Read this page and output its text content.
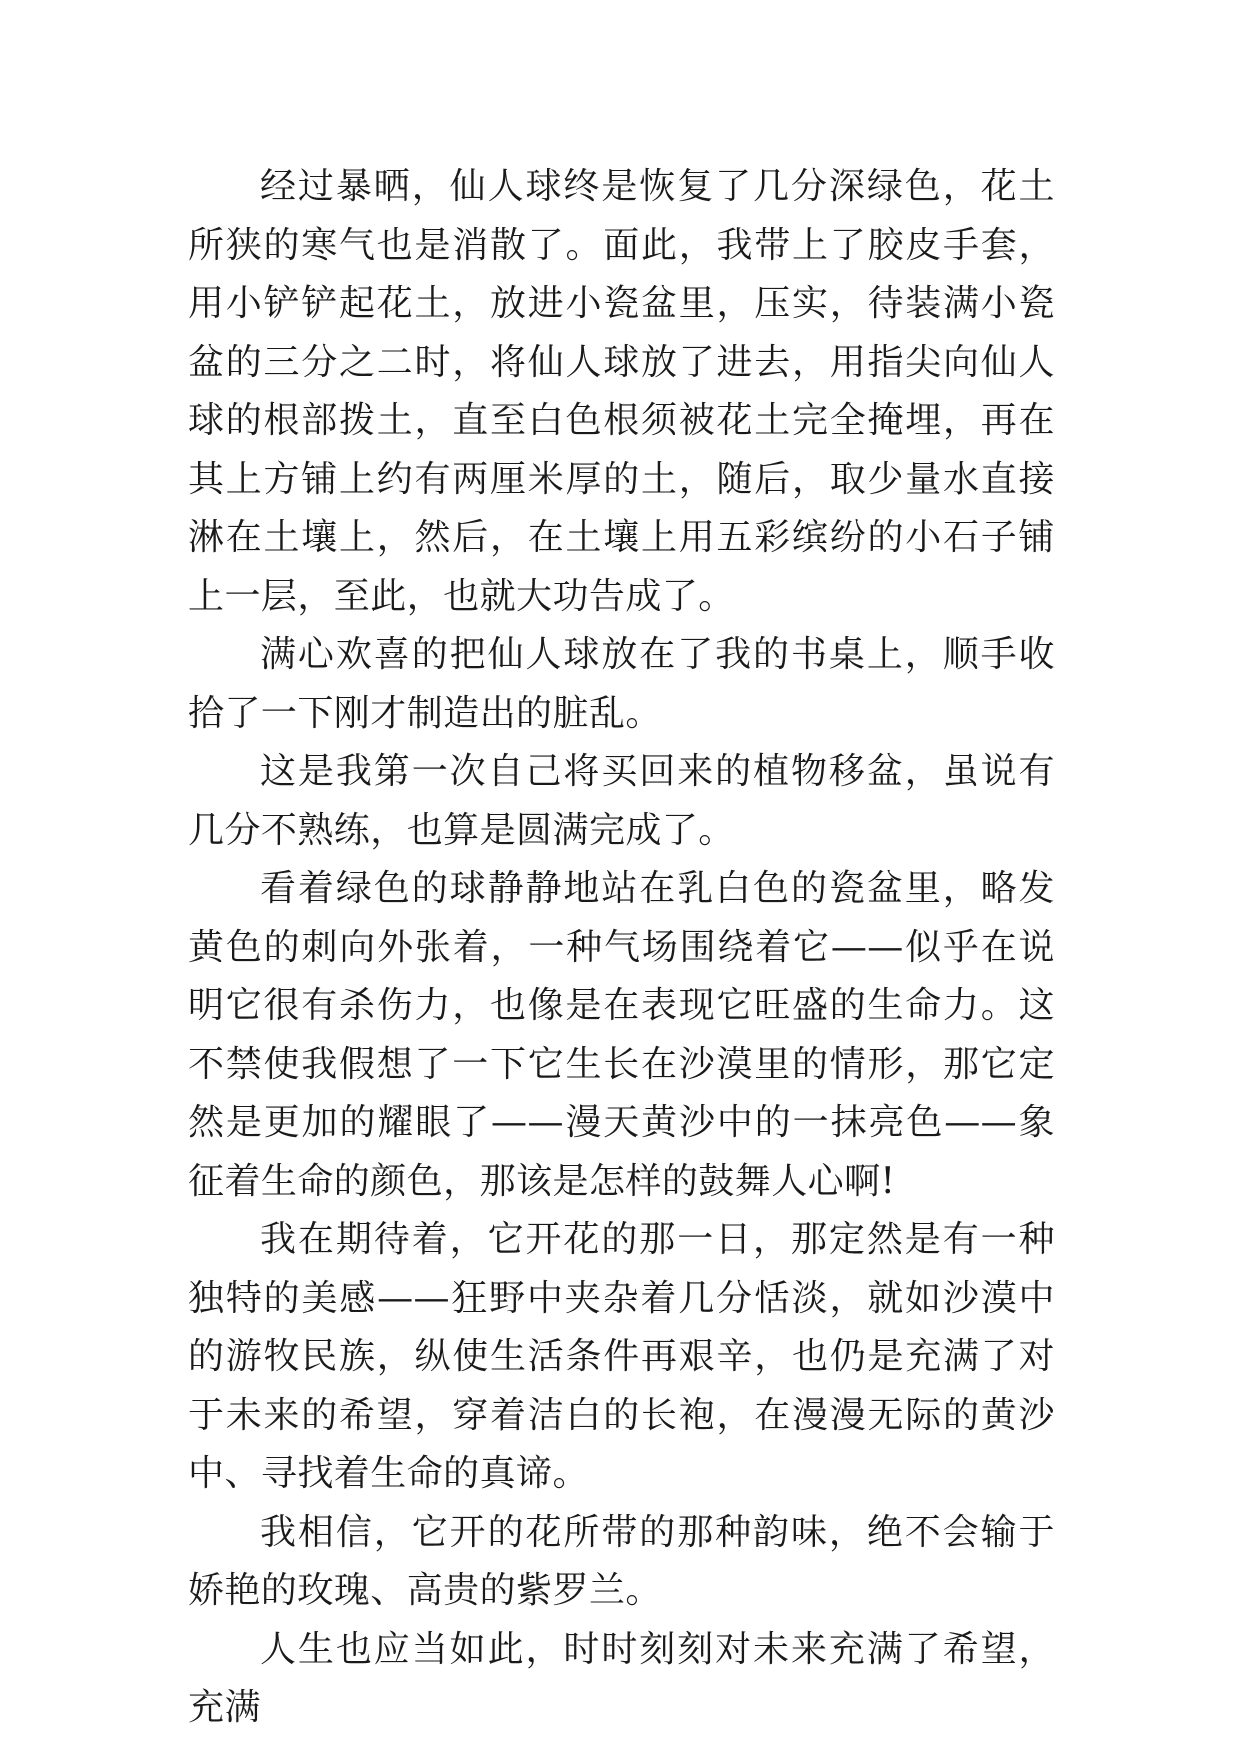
经过暴晒，仙人球终是恢复了几分深绿色，花土所狭的寒气也是消散了。面此，我带上了胶皮手套，用小铲铲起花土，放进小瓷盆里，压实，待装满小瓷盆的三分之二时，将仙人球放了进去，用指尖向仙人球的根部拨土，直至白色根须被花土完全掩埋，再在其上方铺上约有两厘米厚的土，随后，取少量水直接淋在土壤上，然后，在土壤上用五彩缤纷的小石子铺上一层，至此，也就大功告成了。

满心欢喜的把仙人球放在了我的书桌上，顺手收拾了一下刚才制造出的脏乱。

这是我第一次自己将买回来的植物移盆，虽说有几分不熟练，也算是圆满完成了。

看着绿色的球静静地站在乳白色的瓷盆里，略发黄色的刺向外张着，一种气场围绕着它——似乎在说明它很有杀伤力，也像是在表现它旺盛的生命力。这不禁使我假想了一下它生长在沙漠里的情形，那它定然是更加的耀眼了——漫天黄沙中的一抹亮色——象征着生命的颜色，那该是怎样的鼓舞人心啊!

我在期待着，它开花的那一日，那定然是有一种独特的美感——狂野中夹杂着几分恬淡，就如沙漠中的游牧民族，纵使生活条件再艰辛，也仍是充满了对于未来的希望，穿着洁白的长袍，在漫漫无际的黄沙中、寻找着生命的真谛。

我相信，它开的花所带的那种韵味，绝不会输于娇艳的玫瑰、高贵的紫罗兰。

人生也应当如此，时时刻刻对未来充满了希望，充满
